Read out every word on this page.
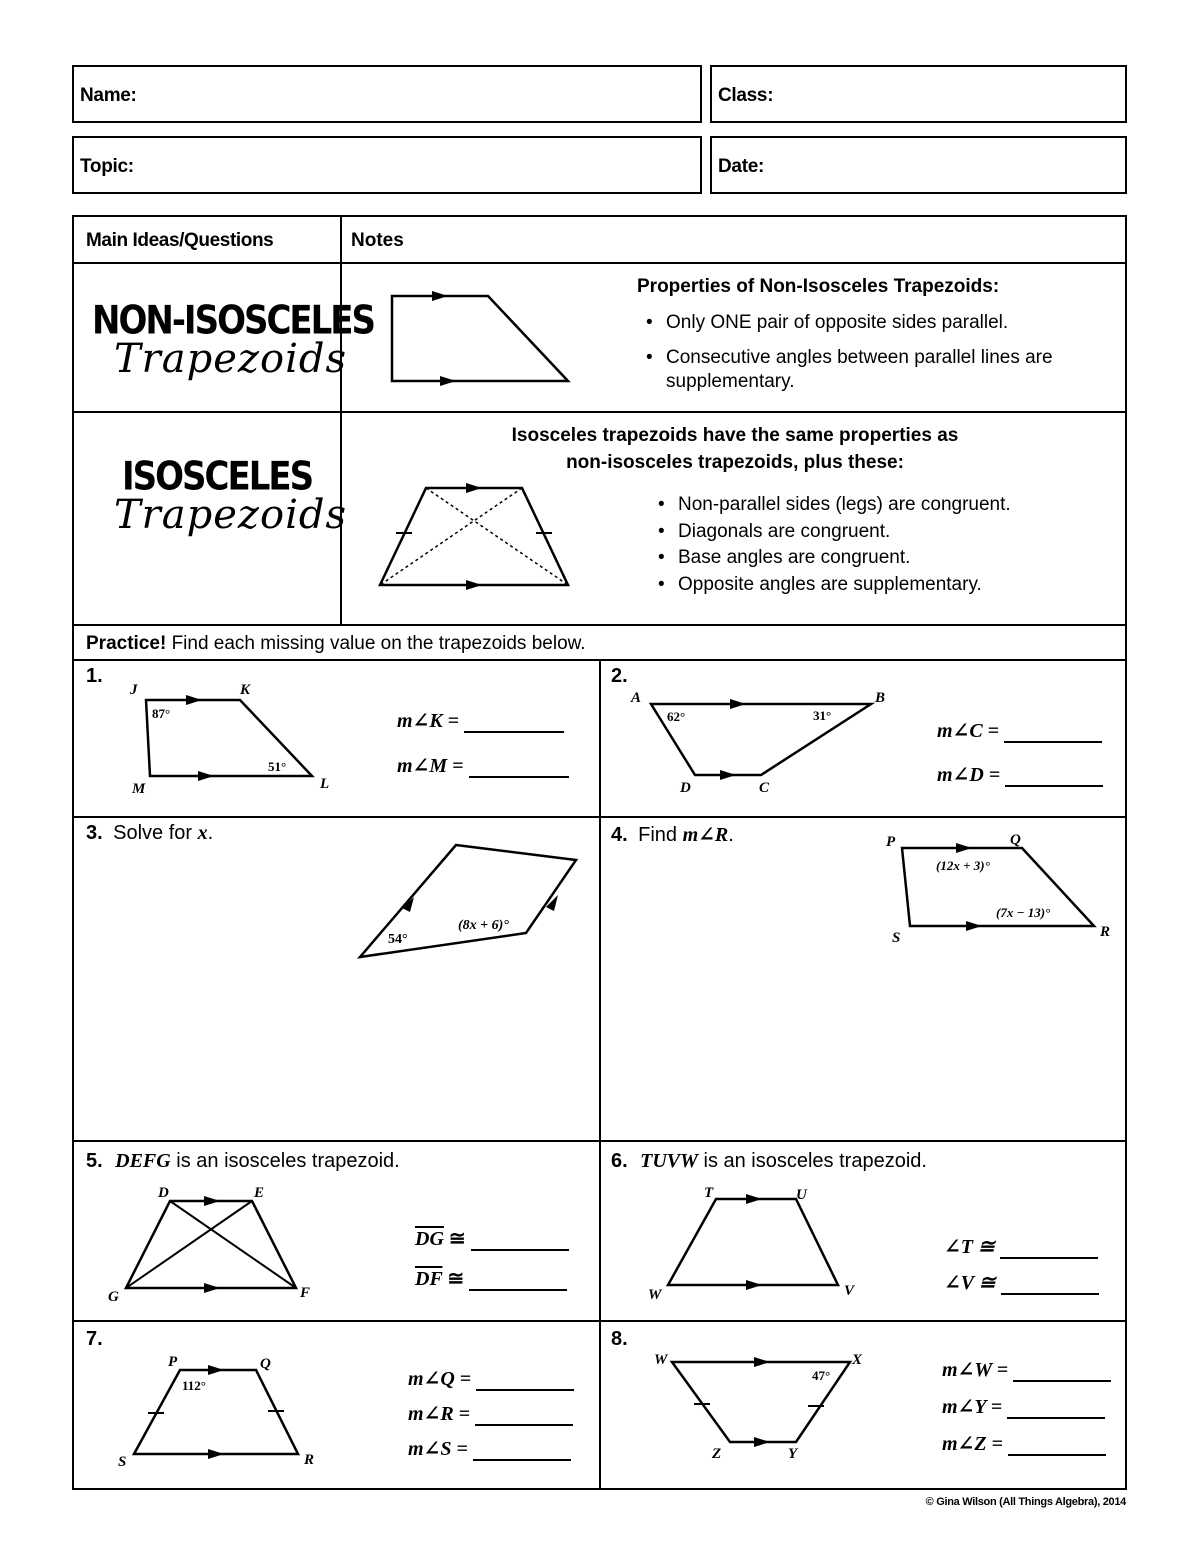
Name:	Class:
Topic:	Date:
Main Ideas/Questions	Notes
NON-ISOSCELES
Trapezoids
Properties of Non-Isosceles Trapezoids:
• Only ONE pair of opposite sides parallel.
• Consecutive angles between parallel lines are supplementary.
ISOSCELES
Trapezoids
Isosceles trapezoids have the same properties as
non-isosceles trapezoids, plus these:
• Non-parallel sides (legs) are congruent.
• Diagonals are congruent.
• Base angles are congruent.
• Opposite angles are supplementary.
Practice! Find each missing value on the trapezoids below.
1.
J	K
L
M
87°
51°
m∠K =
m∠M =
2.
A	B
C
D
62°	31°
m∠C =
m∠D =
3. Solve for x.
54°
(8x + 6)°
4. Find m∠R.	P	Q
R
S
(12x + 3)°
(7x − 13)°
5. DEFG is an isosceles trapezoid.
D	E
F
G
$\overline{DG}$ ≅
$\overline{DF}$ ≅
6. TUVW is an isosceles trapezoid.
T	U
V
W
∠T ≅
∠V ≅
7.
P	Q
R
S
112°	m∠Q =
m∠R =
m∠S =
8.
W	X
Y
Z
47°	m∠W =
m∠Y =
m∠Z =
© Gina Wilson (All Things Algebra), 2014
